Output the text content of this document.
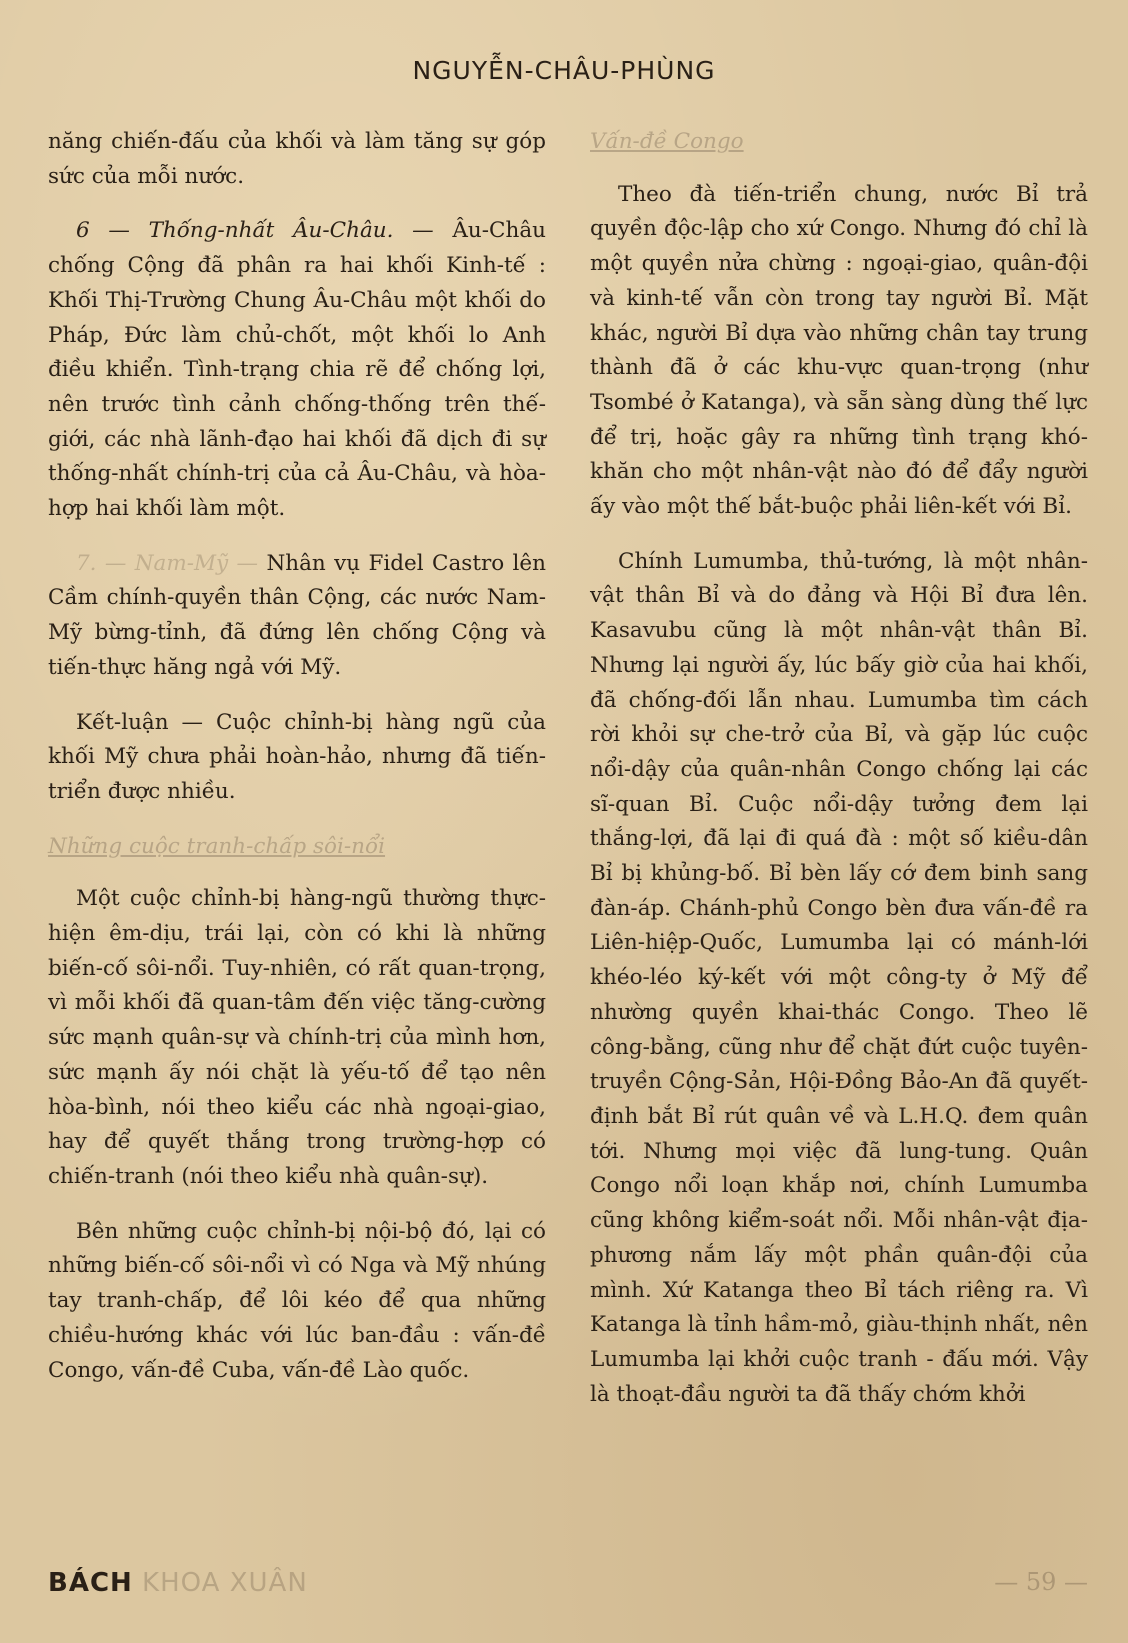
NGUYỄN-CHÂU-PHÙNG

năng chiến-đấu của khối và làm tăng sự góp sức của mỗi nước.

6 — Thống-nhất Âu-Châu. — Âu-Châu chống Cộng đã phân ra hai khối Kinh-tế : Khối Thị-Trường Chung Âu-Châu một khối do Pháp, Đức làm chủ-chốt, một khối lo Anh điều khiển. Tình-trạng chia rẽ để chống lợi, nên trước tình cảnh chống-thống trên thế-giới, các nhà lãnh-đạo hai khối đã dịch đi sự thống-nhất chính-trị của cả Âu-Châu, và hòa-hợp hai khối làm một.

7. — Nam-Mỹ — Nhân vụ Fidel Castro lên Cầm chính-quyền thân Cộng, các nước Nam-Mỹ bừng-tỉnh, đã đứng lên chống Cộng và tiến-thực hăng ngả với Mỹ.

Kết-luận — Cuộc chỉnh-bị hàng ngũ của khối Mỹ chưa phải hoàn-hảo, nhưng đã tiến-triển được nhiều.

Những cuộc tranh-chấp sôi-nổi

Một cuộc chỉnh-bị hàng-ngũ thường thực-hiện êm-dịu, trái lại, còn có khi là những biến-cố sôi-nổi. Tuy-nhiên, có rất quan-trọng, vì mỗi khối đã quan-tâm đến việc tăng-cường sức mạnh quân-sự và chính-trị của mình hơn, sức mạnh ấy nói chặt là yếu-tố để tạo nên hòa-bình, nói theo kiểu các nhà ngoại-giao, hay để quyết thắng trong trường-hợp có chiến-tranh (nói theo kiểu nhà quân-sự).

Bên những cuộc chỉnh-bị nội-bộ đó, lại có những biến-cố sôi-nổi vì có Nga và Mỹ nhúng tay tranh-chấp, để lôi kéo để qua những chiều-hướng khác với lúc ban-đầu : vấn-đề Congo, vấn-đề Cuba, vấn-đề Lào quốc.

Vấn-đề Congo

Theo đà tiến-triển chung, nước Bỉ trả quyền độc-lập cho xứ Congo. Nhưng đó chỉ là một quyền nửa chừng : ngoại-giao, quân-đội và kinh-tế vẫn còn trong tay người Bỉ. Mặt khác, người Bỉ dựa vào những chân tay trung thành đã ở các khu-vực quan-trọng (như Tsombé ở Katanga), và sẵn sàng dùng thế lực để trị, hoặc gây ra những tình trạng khó-khăn cho một nhân-vật nào đó để đẩy người ấy vào một thế bắt-buộc phải liên-kết với Bỉ.

Chính Lumumba, thủ-tướng, là một nhân-vật thân Bỉ và do đảng và Hội Bỉ đưa lên. Kasavubu cũng là một nhân-vật thân Bỉ. Nhưng lại người ấy, lúc bấy giờ của hai khối, đã chống-đối lẫn nhau. Lumumba tìm cách rời khỏi sự che-trở của Bỉ, và gặp lúc cuộc nổi-dậy của quân-nhân Congo chống lại các sĩ-quan Bỉ. Cuộc nổi-dậy tưởng đem lại thắng-lợi, đã lại đi quá đà : một số kiều-dân Bỉ bị khủng-bố. Bỉ bèn lấy cớ đem binh sang đàn-áp. Chánh-phủ Congo bèn đưa vấn-đề ra Liên-hiệp-Quốc, Lumumba lại có mánh-lới khéo-léo ký-kết với một công-ty ở Mỹ để nhường quyền khai-thác Congo. Theo lẽ công-bằng, cũng như để chặt đứt cuộc tuyên-truyền Cộng-Sản, Hội-Đồng Bảo-An đã quyết-định bắt Bỉ rút quân về và L.H.Q. đem quân tới. Nhưng mọi việc đã lung-tung. Quân Congo nổi loạn khắp nơi, chính Lumumba cũng không kiểm-soát nổi. Mỗi nhân-vật địa-phương nắm lấy một phần quân-đội của mình. Xứ Katanga theo Bỉ tách riêng ra. Vì Katanga là tỉnh hầm-mỏ, giàu-thịnh nhất, nên Lumumba lại khởi cuộc tranh - đấu mới. Vậy là thoạt-đầu người ta đã thấy chớm khởi

BÁCH KHOA XUÂN	— 59 —
